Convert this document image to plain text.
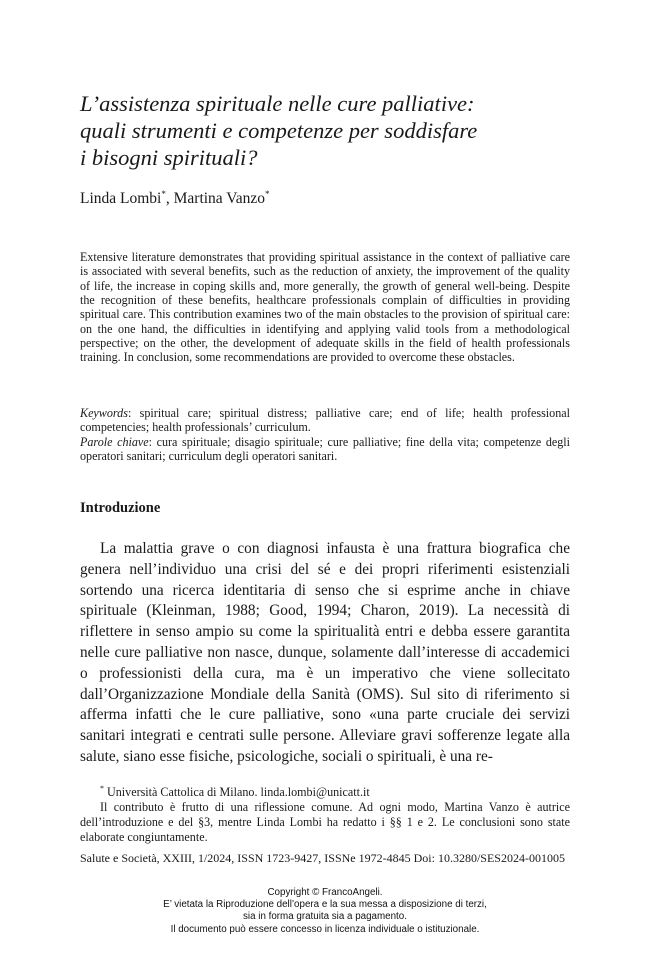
L’assistenza spirituale nelle cure palliative:
quali strumenti e competenze per soddisfare
i bisogni spirituali?
Linda Lombi*, Martina Vanzo*

Extensive literature demonstrates that providing spiritual assistance in the context of palliative care is associated with several benefits, such as the reduction of anxiety, the improvement of the quality of life, the increase in coping skills and, more generally, the growth of general well-being. Despite the recognition of these benefits, healthcare professionals complain of difficulties in providing spiritual care. This contribution examines two of the main obstacles to the provision of spiritual care: on the one hand, the difficulties in identifying and applying valid tools from a methodological perspective; on the other, the development of adequate skills in the field of health professionals training. In conclusion, some recommendations are provided to overcome these obstacles.

Keywords: spiritual care; spiritual distress; palliative care; end of life; health professional competencies; health professionals’ curriculum.

Parole chiave: cura spirituale; disagio spirituale; cure palliative; fine della vita; competenze degli operatori sanitari; curriculum degli operatori sanitari.

Introduzione

La malattia grave o con diagnosi infausta è una frattura biografica che genera nell’individuo una crisi del sé e dei propri riferimenti esistenziali sortendo una ricerca identitaria di senso che si esprime anche in chiave spirituale (Kleinman, 1988; Good, 1994; Charon, 2019). La necessità di riflettere in senso ampio su come la spiritualità entri e debba essere garantita nelle cure palliative non nasce, dunque, solamente dall’interesse di accademici o professionisti della cura, ma è un imperativo che viene sollecitato dall’Organizzazione Mondiale della Sanità (OMS). Sul sito di riferimento si afferma infatti che le cure palliative, sono «una parte cruciale dei servizi sanitari integrati e centrati sulle persone. Alleviare gravi sofferenze legate alla salute, siano esse fisiche, psicologiche, sociali o spirituali, è una re-

* Università Cattolica di Milano. linda.lombi@unicatt.it

Il contributo è frutto di una riflessione comune. Ad ogni modo, Martina Vanzo è autrice dell’introduzione e del §3, mentre Linda Lombi ha redatto i §§ 1 e 2. Le conclusioni sono state elaborate congiuntamente.

Salute e Società, XXIII, 1/2024, ISSN 1723-9427, ISSNe 1972-4845 Doi: 10.3280/SES2024-001005
Copyright © FrancoAngeli.
E’ vietata la Riproduzione dell’opera e la sua messa a disposizione di terzi,
sia in forma gratuita sia a pagamento.
Il documento può essere concesso in licenza individuale o istituzionale.
